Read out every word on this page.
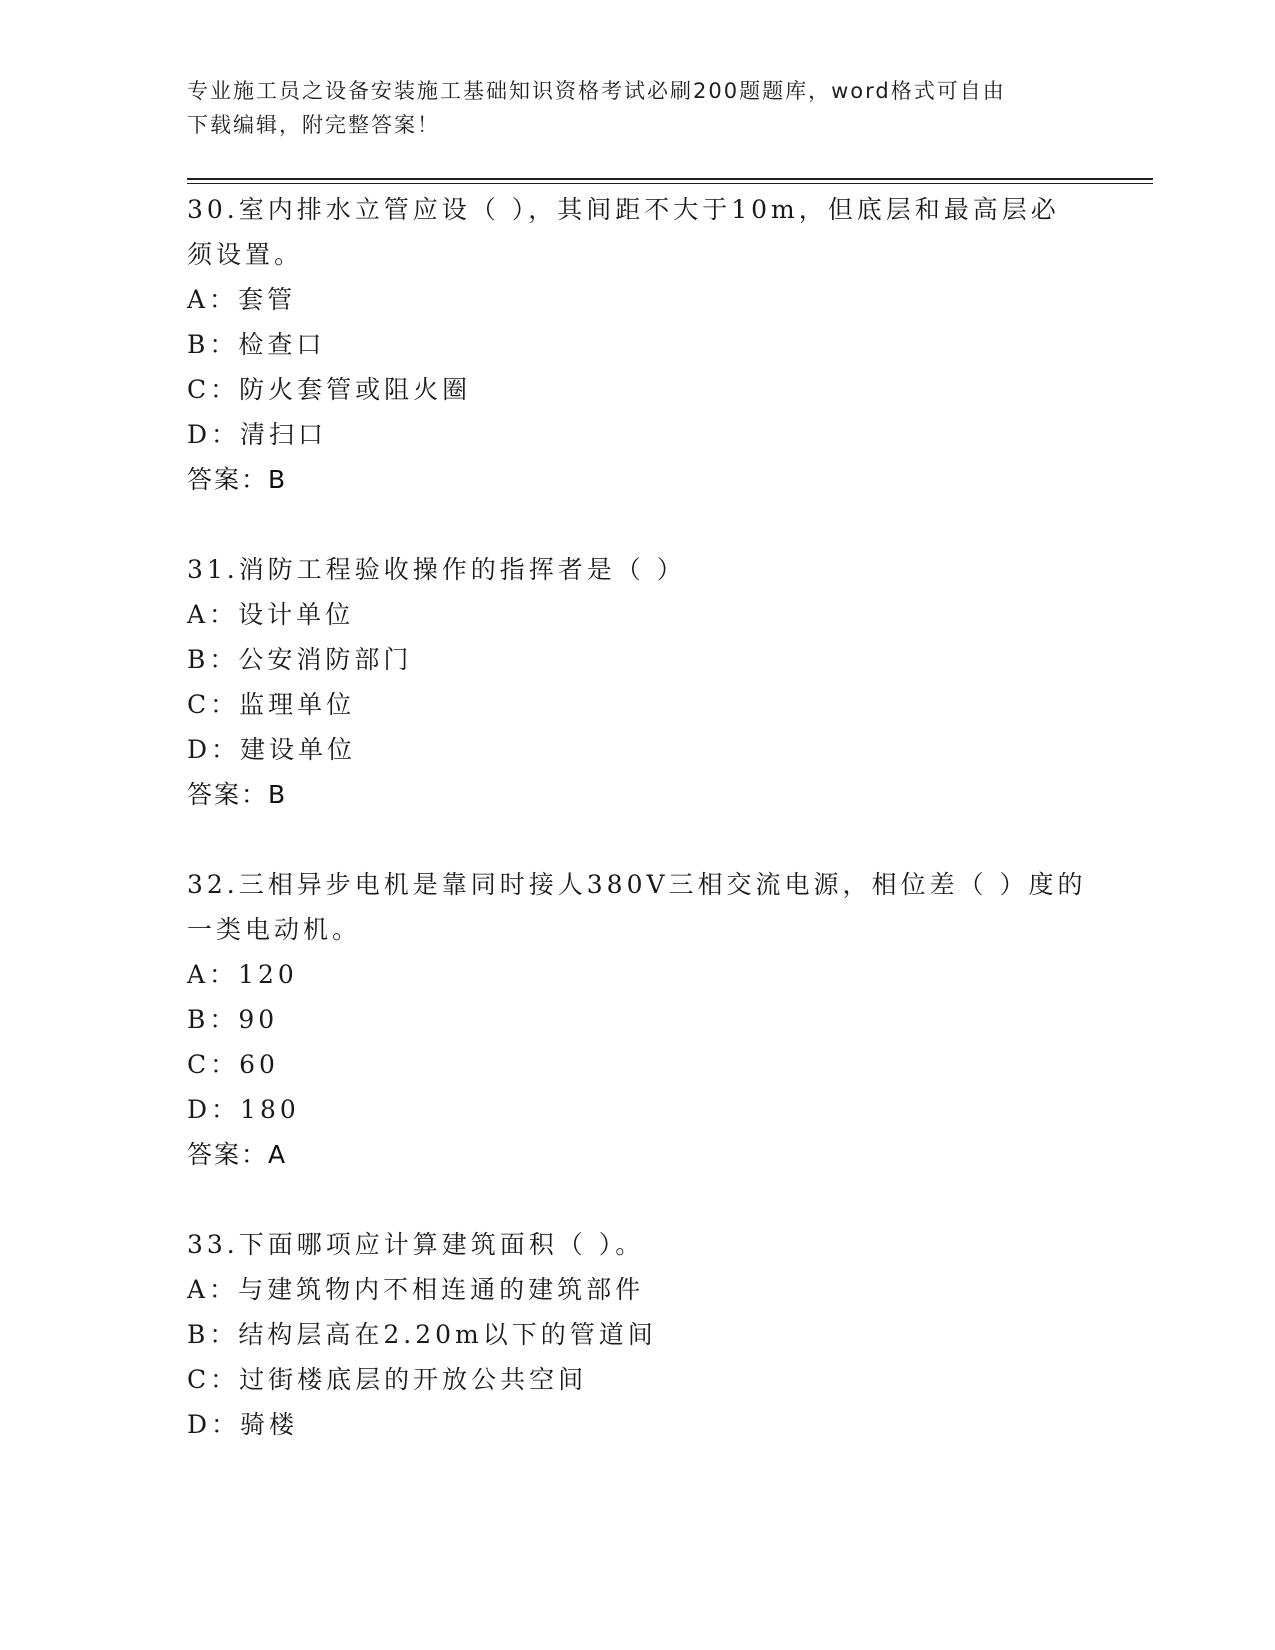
专业施工员之设备安装施工基础知识资格考试必刷200题题库，word格式可自由
下载编辑，附完整答案！
30.室内排水立管应设（ ），其间距不大于10m，但底层和最高层必须设置。
A：套管
B：检查口
C：防火套管或阻火圈
D：清扫口
答案：B
31.消防工程验收操作的指挥者是（ ）
A：设计单位
B：公安消防部门
C：监理单位
D：建设单位
答案：B
32.三相异步电机是靠同时接人380V三相交流电源，相位差（ ）度的一类电动机。
A：120
B：90
C：60
D：180
答案：A
33.下面哪项应计算建筑面积（ ）。
A：与建筑物内不相连通的建筑部件
B：结构层高在2.20m以下的管道间
C：过街楼底层的开放公共空间
D：骑楼
